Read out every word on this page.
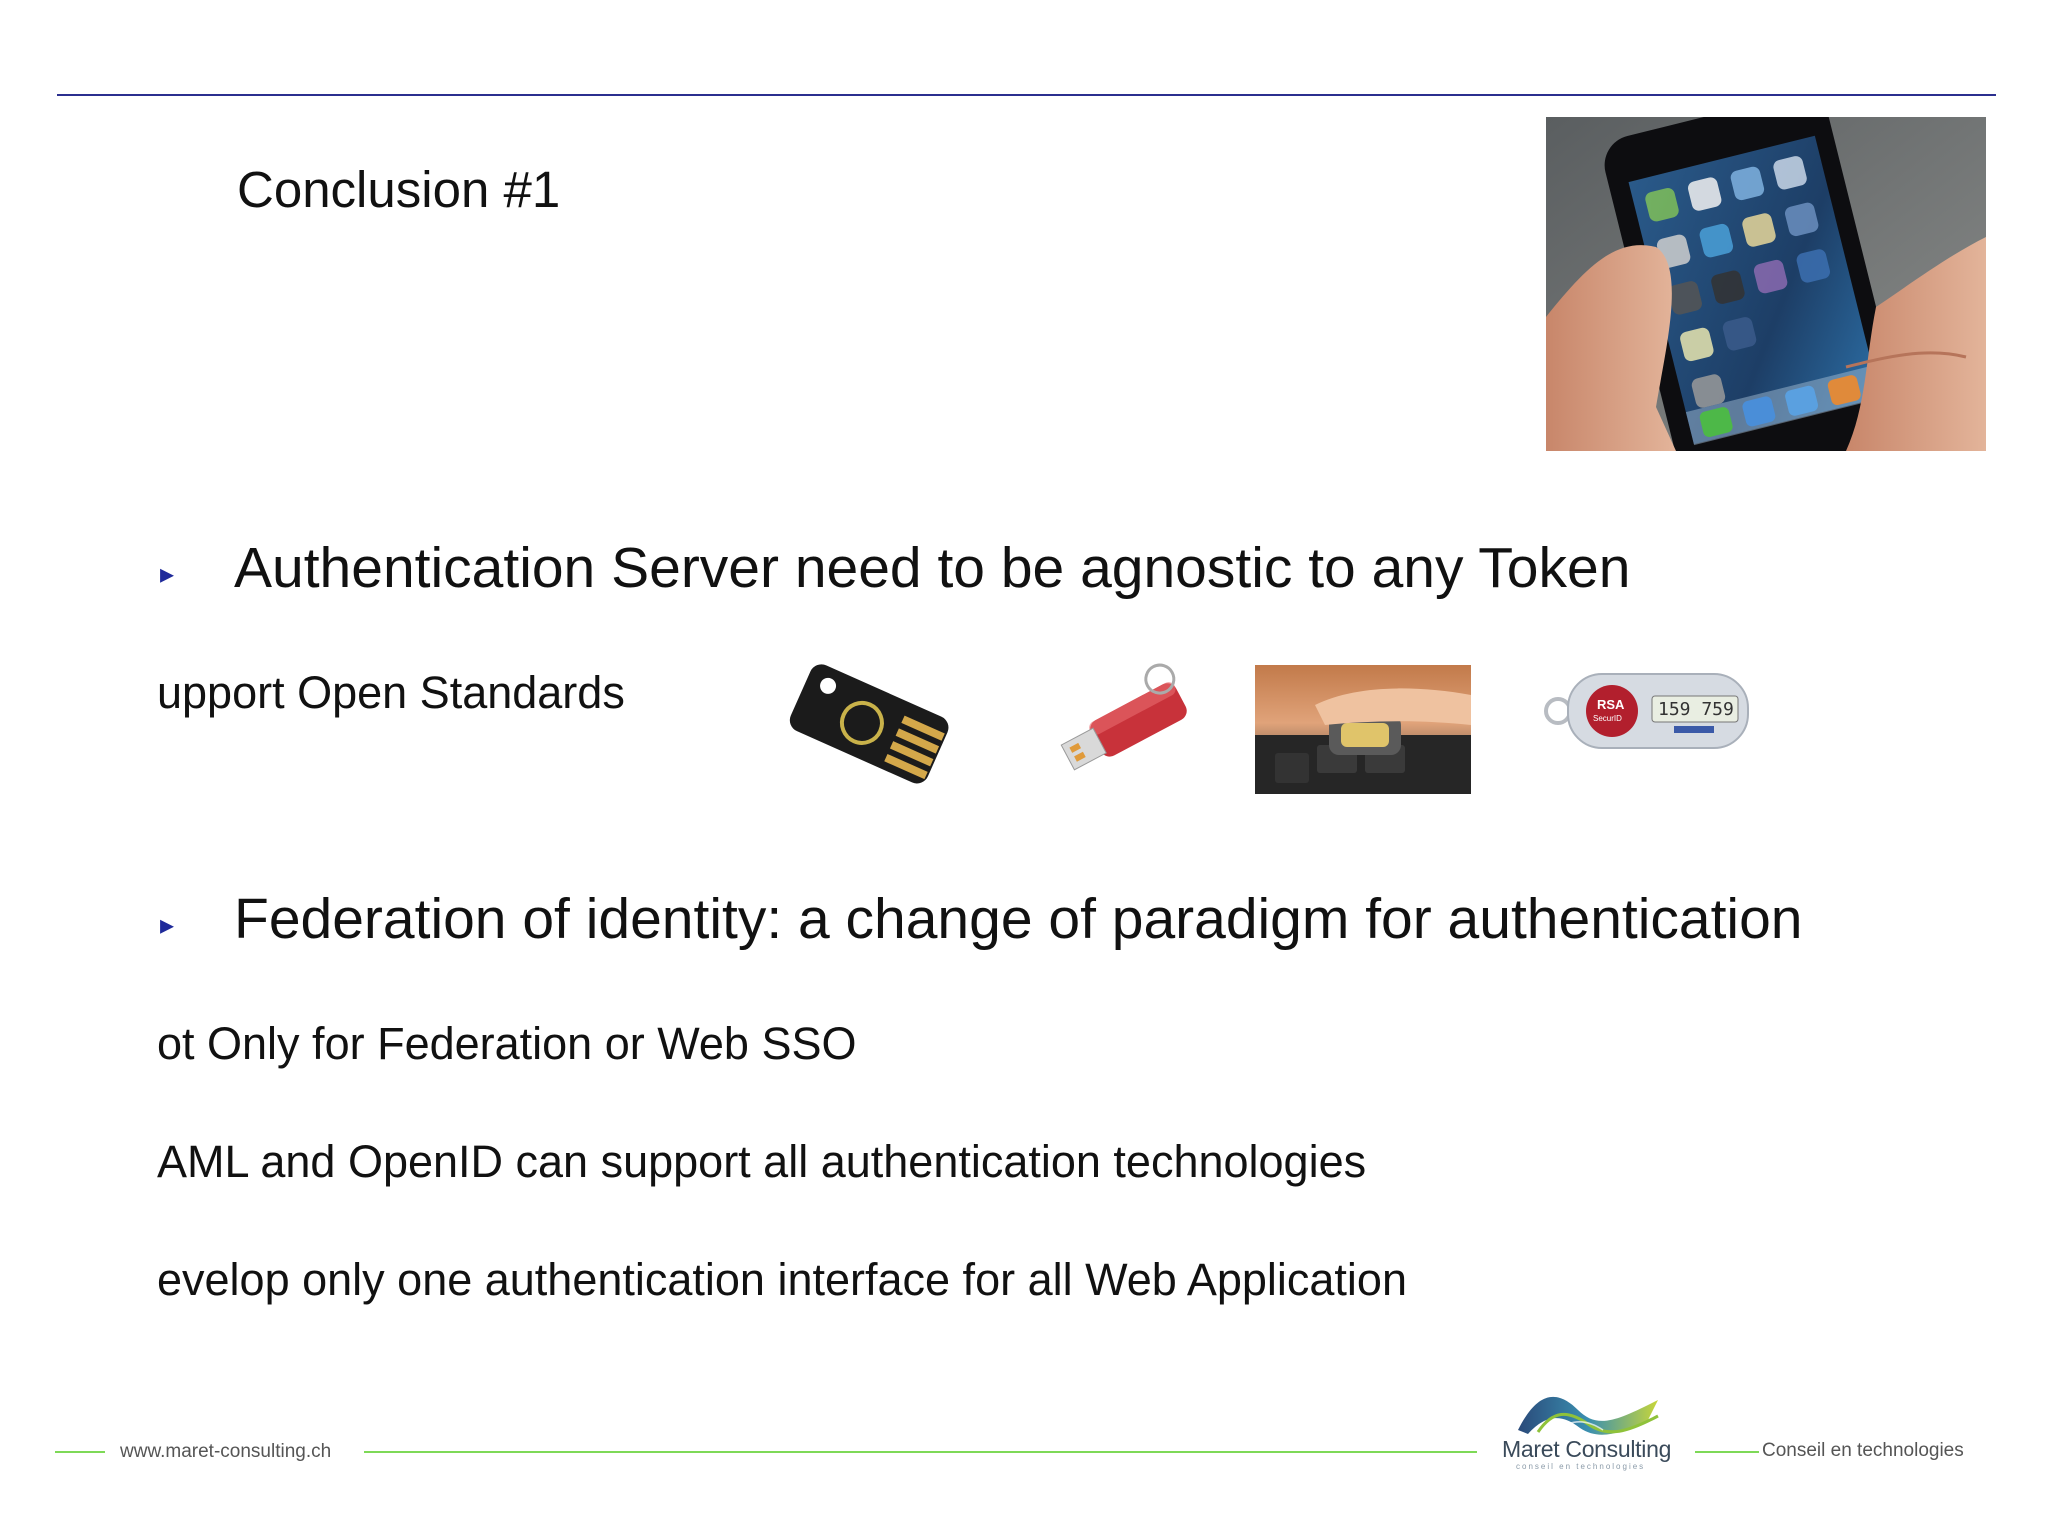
Conclusion #1
▸ Authentication Server need to be agnostic to any Token
upport Open Standards	RSA
SecurID 159 759
▸ Federation of identity: a change of paradigm for authentication
ot Only for Federation or Web SSO
AML and OpenID can support all authentication technologies
evelop only one authentication interface for all Web Application
www.maret-consulting.ch	Maret Consulting
conseil en technologies
Conseil en technologies
